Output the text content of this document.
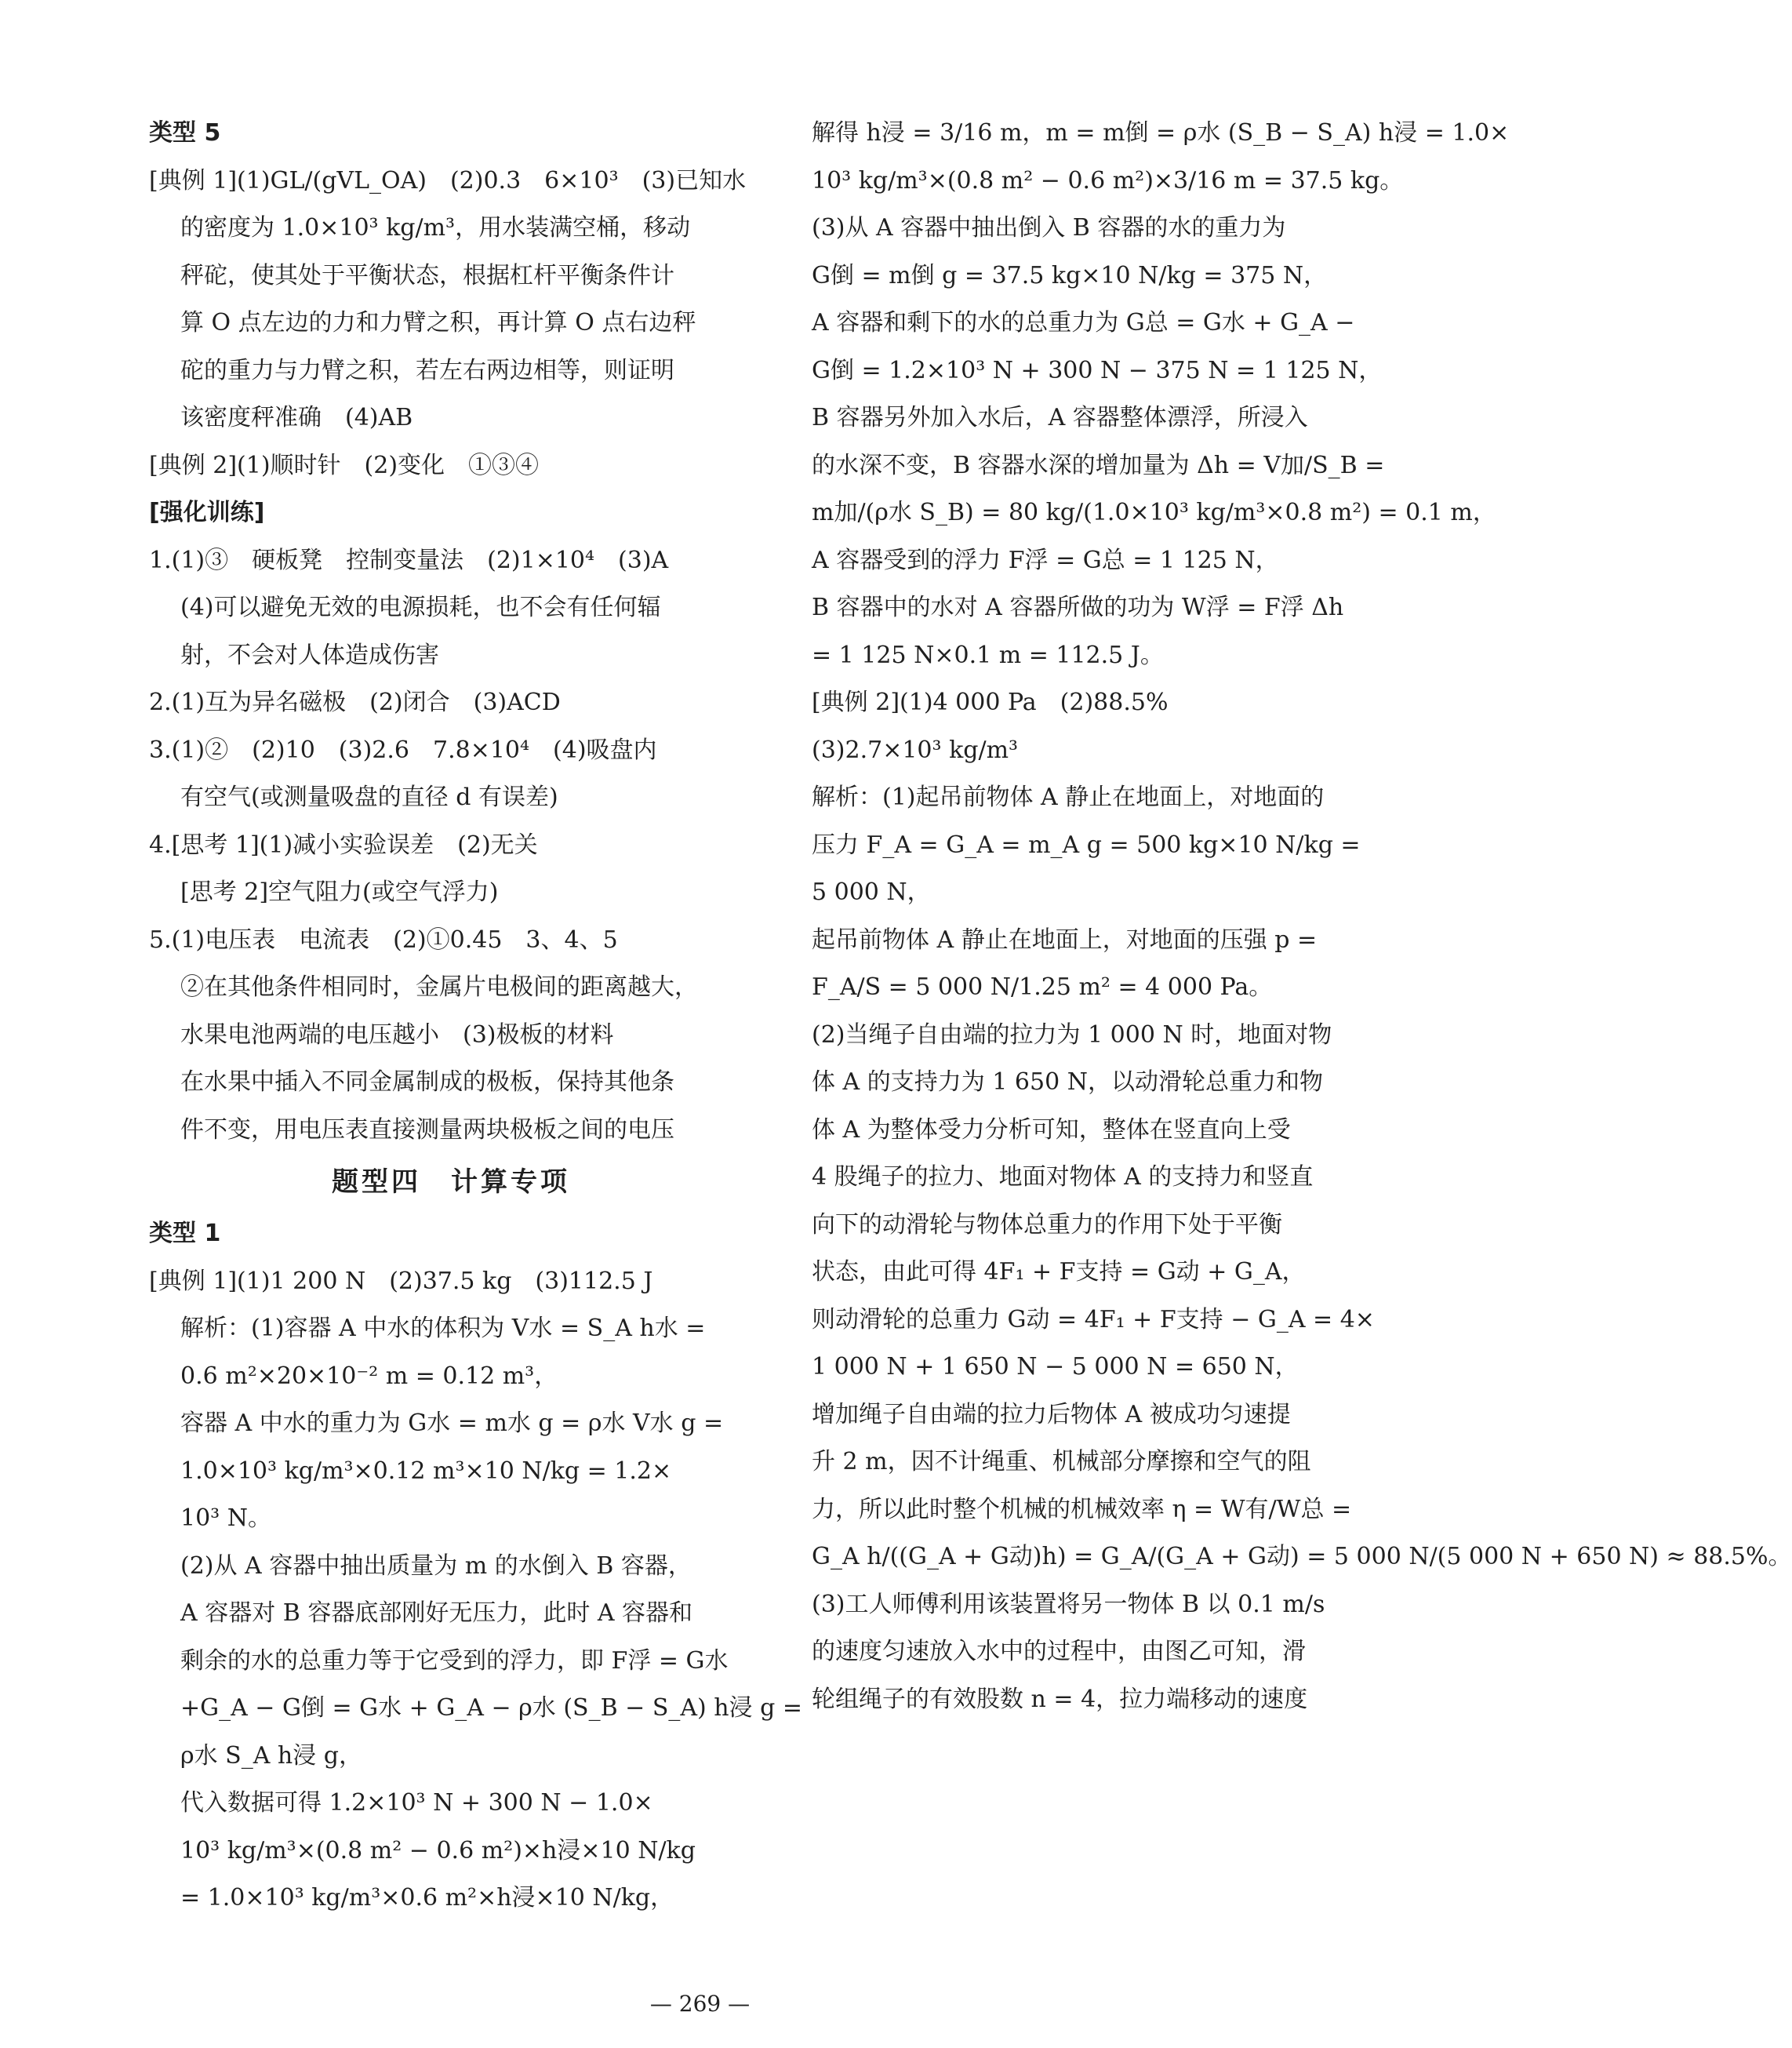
类型 5
[典例 1](1)GL/(gVL_OA)　(2)0.3　6×10³　(3)已知水
的密度为 1.0×10³ kg/m³，用水装满空桶，移动
秤砣，使其处于平衡状态，根据杠杆平衡条件计
算 O 点左边的力和力臂之积，再计算 O 点右边秤
砣的重力与力臂之积，若左右两边相等，则证明
该密度秤准确　(4)AB
[典例 2](1)顺时针　(2)变化　①③④
[强化训练]
1.(1)③　硬板凳　控制变量法　(2)1×10⁴　(3)A
(4)可以避免无效的电源损耗，也不会有任何辐
射，不会对人体造成伤害
2.(1)互为异名磁极　(2)闭合　(3)ACD
3.(1)②　(2)10　(3)2.6　7.8×10⁴　(4)吸盘内
有空气(或测量吸盘的直径 d 有误差)
4.[思考 1](1)减小实验误差　(2)无关
[思考 2]空气阻力(或空气浮力)
5.(1)电压表　电流表　(2)①0.45　3、4、5
②在其他条件相同时，金属片电极间的距离越大，
水果电池两端的电压越小　(3)极板的材料
在水果中插入不同金属制成的极板，保持其他条
件不变，用电压表直接测量两块极板之间的电压
题型四　计算专项
类型 1
[典例 1](1)1 200 N　(2)37.5 kg　(3)112.5 J
解析：(1)容器 A 中水的体积为 V水 = S_A h水 =
0.6 m²×20×10⁻² m = 0.12 m³，
容器 A 中水的重力为 G水 = m水 g = ρ水 V水 g =
1.0×10³ kg/m³×0.12 m³×10 N/kg = 1.2×
10³ N。
(2)从 A 容器中抽出质量为 m 的水倒入 B 容器，
A 容器对 B 容器底部刚好无压力，此时 A 容器和
剩余的水的总重力等于它受到的浮力，即 F浮 = G水
+G_A − G倒 = G水 + G_A − ρ水 (S_B − S_A) h浸 g =
ρ水 S_A h浸 g，
代入数据可得 1.2×10³ N + 300 N − 1.0×
10³ kg/m³×(0.8 m² − 0.6 m²)×h浸×10 N/kg
= 1.0×10³ kg/m³×0.6 m²×h浸×10 N/kg，
解得 h浸 = 3/16 m，m = m倒 = ρ水 (S_B − S_A) h浸 = 1.0×
10³ kg/m³×(0.8 m² − 0.6 m²)×3/16 m = 37.5 kg。
(3)从 A 容器中抽出倒入 B 容器的水的重力为
G倒 = m倒 g = 37.5 kg×10 N/kg = 375 N，
A 容器和剩下的水的总重力为 G总 = G水 + G_A −
G倒 = 1.2×10³ N + 300 N − 375 N = 1 125 N，
B 容器另外加入水后，A 容器整体漂浮，所浸入
的水深不变，B 容器水深的增加量为 Δh = V加/S_B =
m加/(ρ水 S_B) = 80 kg/(1.0×10³ kg/m³×0.8 m²) = 0.1 m，
A 容器受到的浮力 F浮 = G总 = 1 125 N，
B 容器中的水对 A 容器所做的功为 W浮 = F浮 Δh
= 1 125 N×0.1 m = 112.5 J。
[典例 2](1)4 000 Pa　(2)88.5%
(3)2.7×10³ kg/m³
解析：(1)起吊前物体 A 静止在地面上，对地面的
压力 F_A = G_A = m_A g = 500 kg×10 N/kg =
5 000 N，
起吊前物体 A 静止在地面上，对地面的压强 p =
F_A/S = 5 000 N/1.25 m² = 4 000 Pa。
(2)当绳子自由端的拉力为 1 000 N 时，地面对物
体 A 的支持力为 1 650 N，以动滑轮总重力和物
体 A 为整体受力分析可知，整体在竖直向上受
4 股绳子的拉力、地面对物体 A 的支持力和竖直
向下的动滑轮与物体总重力的作用下处于平衡
状态，由此可得 4F₁ + F支持 = G动 + G_A，
则动滑轮的总重力 G动 = 4F₁ + F支持 − G_A = 4×
1 000 N + 1 650 N − 5 000 N = 650 N，
增加绳子自由端的拉力后物体 A 被成功匀速提
升 2 m，因不计绳重、机械部分摩擦和空气的阻
力，所以此时整个机械的机械效率 η = W有/W总 =
G_A h/((G_A + G动)h) = G_A/(G_A + G动) = 5 000 N/(5 000 N + 650 N) ≈ 88.5%。
(3)工人师傅利用该装置将另一物体 B 以 0.1 m/s
的速度匀速放入水中的过程中，由图乙可知，滑
轮组绳子的有效股数 n = 4，拉力端移动的速度
— 269 —
